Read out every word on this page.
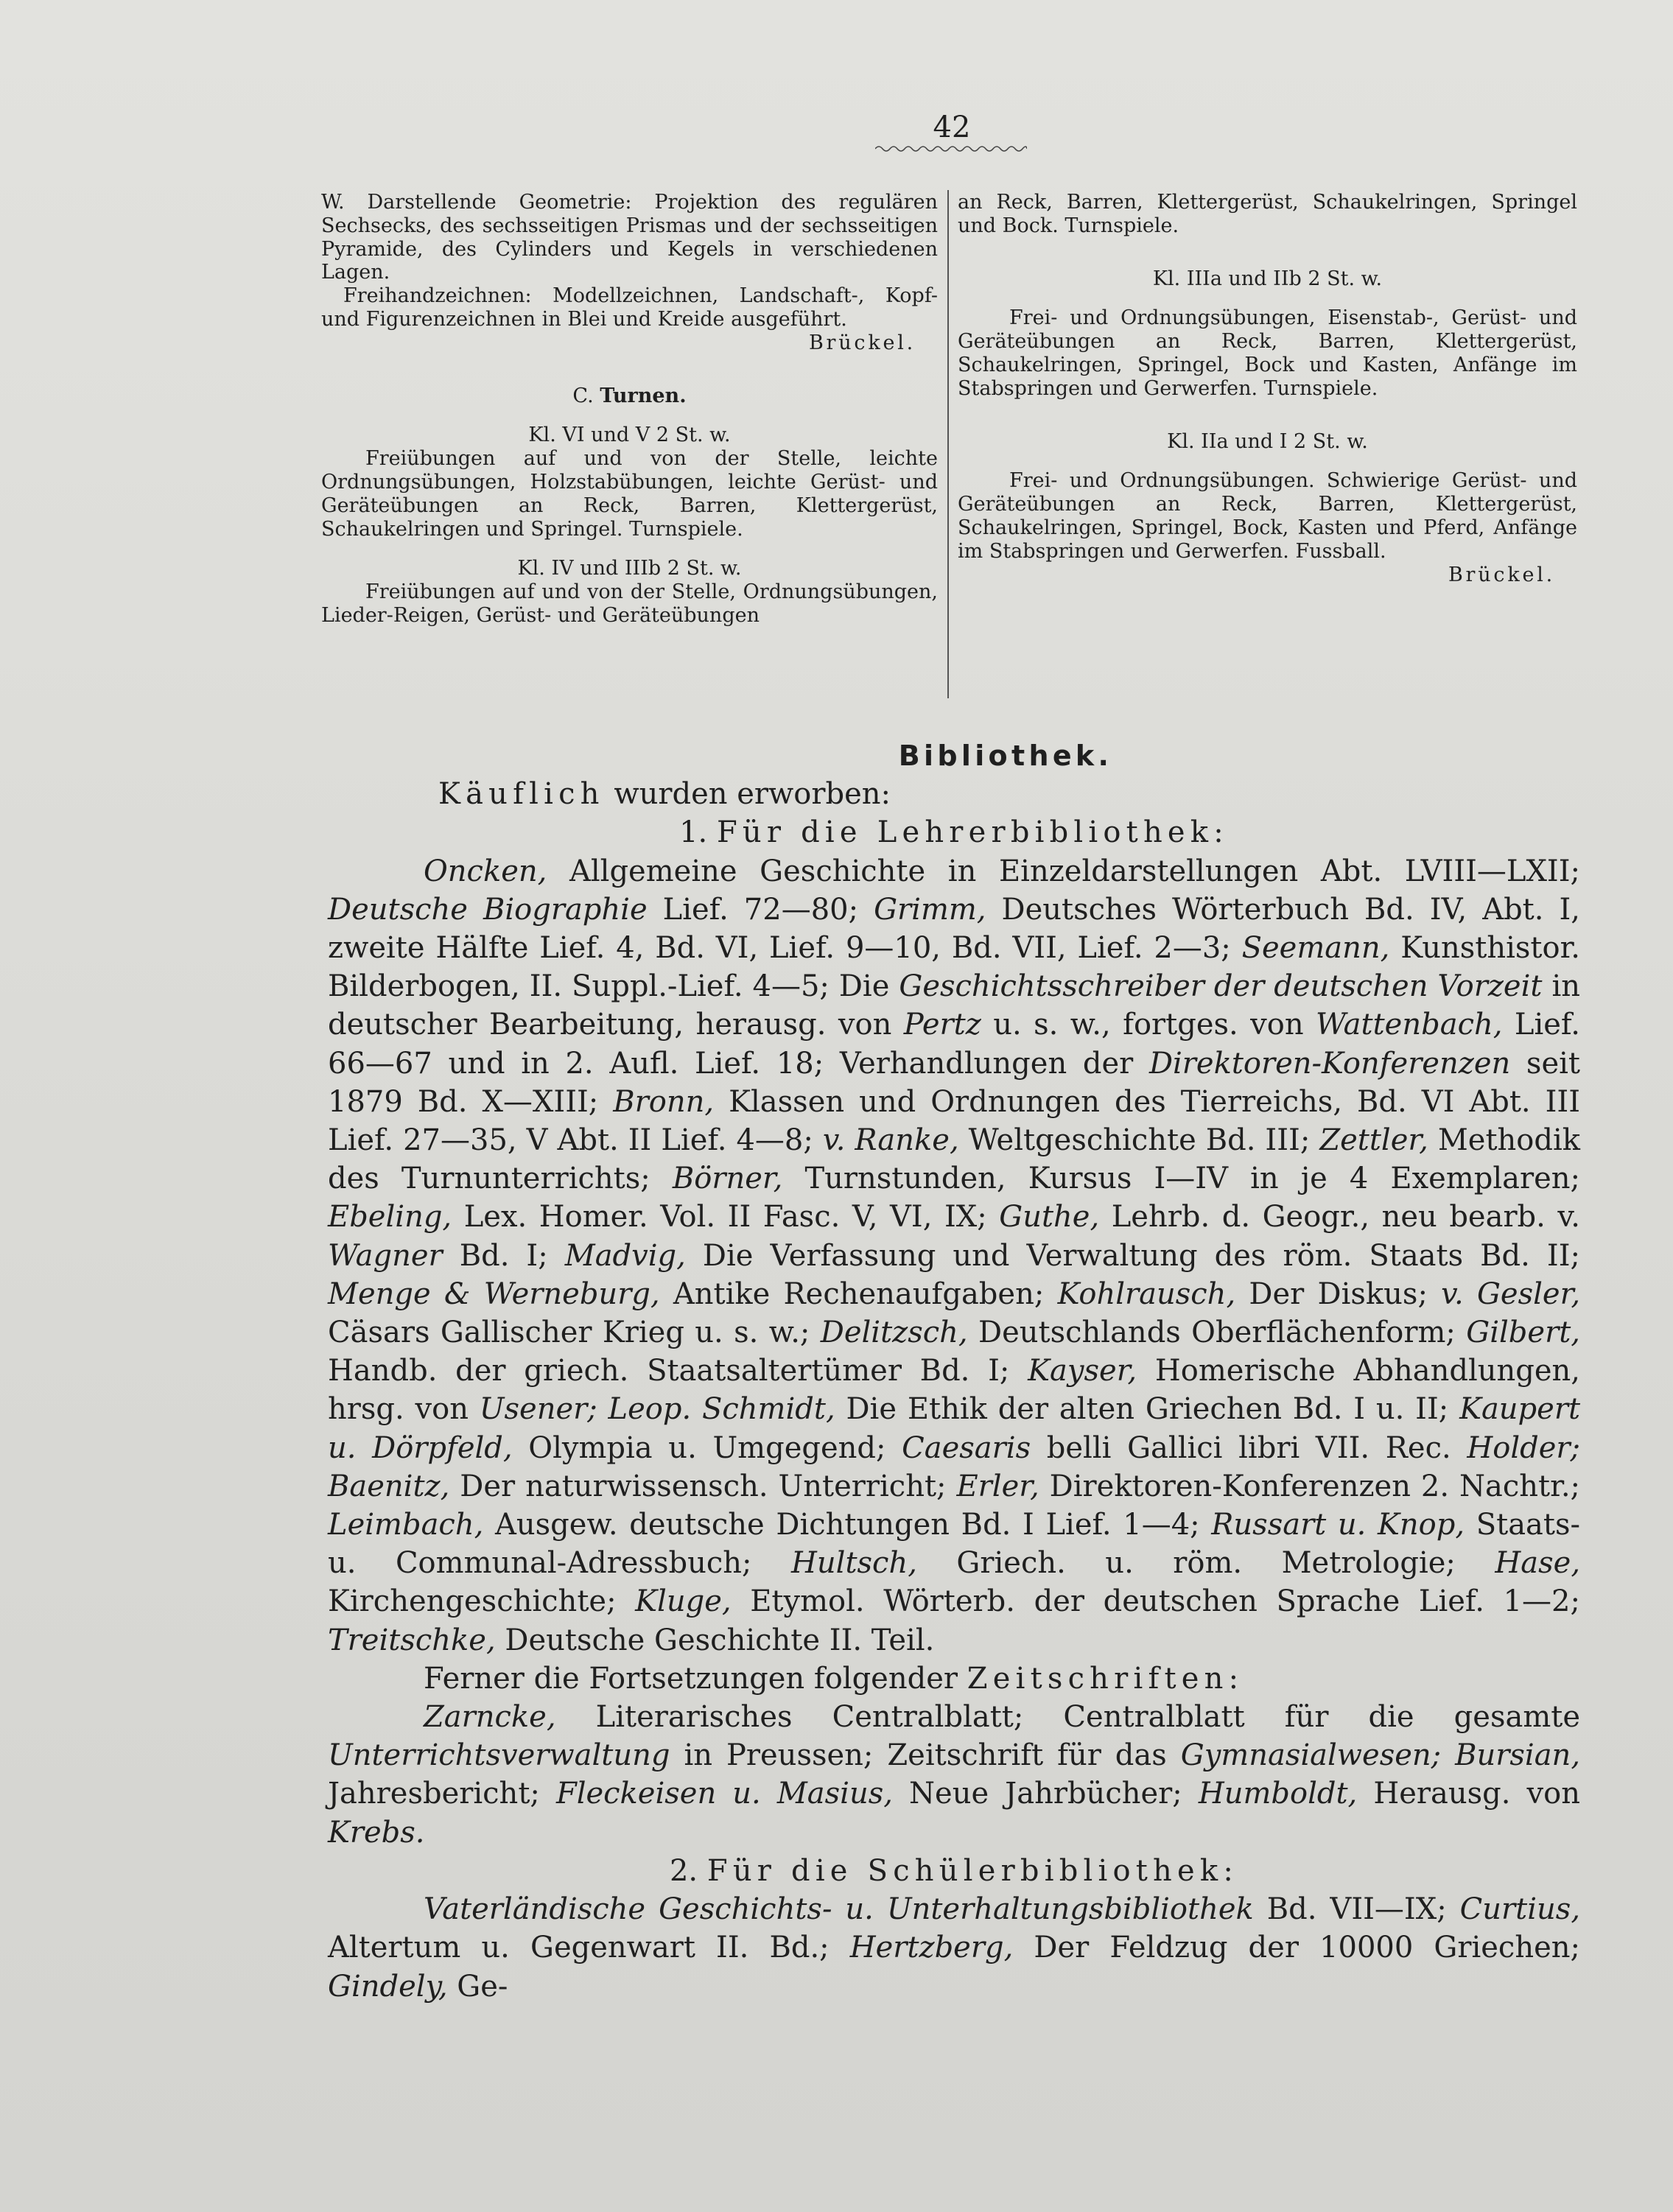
42

W. Darstellende Geometrie: Projektion des regulären Sechsecks, des sechsseitigen Prismas und der sechsseitigen Pyramide, des Cylinders und Kegels in verschiedenen Lagen.

Freihandzeichnen: Modellzeichnen, Landschaft-, Kopf- und Figurenzeichnen in Blei und Kreide ausgeführt.

Brückel.

C. Turnen.

Kl. VI und V 2 St. w.

Freiübungen auf und von der Stelle, leichte Ordnungsübungen, Holzstabübungen, leichte Gerüst- und Geräteübungen an Reck, Barren, Klettergerüst, Schaukelringen und Springel. Turnspiele.

Kl. IV und IIIb 2 St. w.

Freiübungen auf und von der Stelle, Ordnungsübungen, Lieder-Reigen, Gerüst- und Geräteübungen

an Reck, Barren, Klettergerüst, Schaukelringen, Springel und Bock. Turnspiele.

Kl. IIIa und IIb 2 St. w.

Frei- und Ordnungsübungen, Eisenstab-, Gerüst- und Geräteübungen an Reck, Barren, Klettergerüst, Schaukelringen, Springel, Bock und Kasten, Anfänge im Stabspringen und Gerwerfen. Turnspiele.

Kl. IIa und I 2 St. w.

Frei- und Ordnungsübungen. Schwierige Gerüst- und Geräteübungen an Reck, Barren, Klettergerüst, Schaukelringen, Springel, Bock, Kasten und Pferd, Anfänge im Stabspringen und Gerwerfen. Fussball.

Brückel.

Bibliothek.

Käuflich wurden erworben:

1. Für die Lehrerbibliothek:

Oncken, Allgemeine Geschichte in Einzeldarstellungen Abt. LVIII—LXII; Deutsche Biographie Lief. 72—80; Grimm, Deutsches Wörterbuch Bd. IV, Abt. I, zweite Hälfte Lief. 4, Bd. VI, Lief. 9—10, Bd. VII, Lief. 2—3; Seemann, Kunsthistor. Bilderbogen, II. Suppl.-Lief. 4—5; Die Geschichtsschreiber der deutschen Vorzeit in deutscher Bearbeitung, herausg. von Pertz u. s. w., fortges. von Wattenbach, Lief. 66—67 und in 2. Aufl. Lief. 18; Verhandlungen der Direktoren-Konferenzen seit 1879 Bd. X—XIII; Bronn, Klassen und Ordnungen des Tierreichs, Bd. VI Abt. III Lief. 27—35, V Abt. II Lief. 4—8; v. Ranke, Weltgeschichte Bd. III; Zettler, Methodik des Turnunterrichts; Börner, Turnstunden, Kursus I—IV in je 4 Exemplaren; Ebeling, Lex. Homer. Vol. II Fasc. V, VI, IX; Guthe, Lehrb. d. Geogr., neu bearb. v. Wagner Bd. I; Madvig, Die Verfassung und Verwaltung des röm. Staats Bd. II; Menge & Werneburg, Antike Rechenaufgaben; Kohlrausch, Der Diskus; v. Gesler, Cäsars Gallischer Krieg u. s. w.; Delitzsch, Deutschlands Oberflächenform; Gilbert, Handb. der griech. Staatsaltertümer Bd. I; Kayser, Homerische Abhandlungen, hrsg. von Usener; Leop. Schmidt, Die Ethik der alten Griechen Bd. I u. II; Kaupert u. Dörpfeld, Olympia u. Umgegend; Caesaris belli Gallici libri VII. Rec. Holder; Baenitz, Der naturwissensch. Unterricht; Erler, Direktoren-Konferenzen 2. Nachtr.; Leimbach, Ausgew. deutsche Dichtungen Bd. I Lief. 1—4; Russart u. Knop, Staats- u. Communal-Adressbuch; Hultsch, Griech. u. röm. Metrologie; Hase, Kirchengeschichte; Kluge, Etymol. Wörterb. der deutschen Sprache Lief. 1—2; Treitschke, Deutsche Geschichte II. Teil.

Ferner die Fortsetzungen folgender Zeitschriften:

Zarncke, Literarisches Centralblatt; Centralblatt für die gesamte Unterrichtsverwaltung in Preussen; Zeitschrift für das Gymnasialwesen; Bursian, Jahresbericht; Fleckeisen u. Masius, Neue Jahrbücher; Humboldt, Herausg. von Krebs.

2. Für die Schülerbibliothek:

Vaterländische Geschichts- u. Unterhaltungsbibliothek Bd. VII—IX; Curtius, Altertum u. Gegenwart II. Bd.; Hertzberg, Der Feldzug der 10000 Griechen; Gindely, Ge-
